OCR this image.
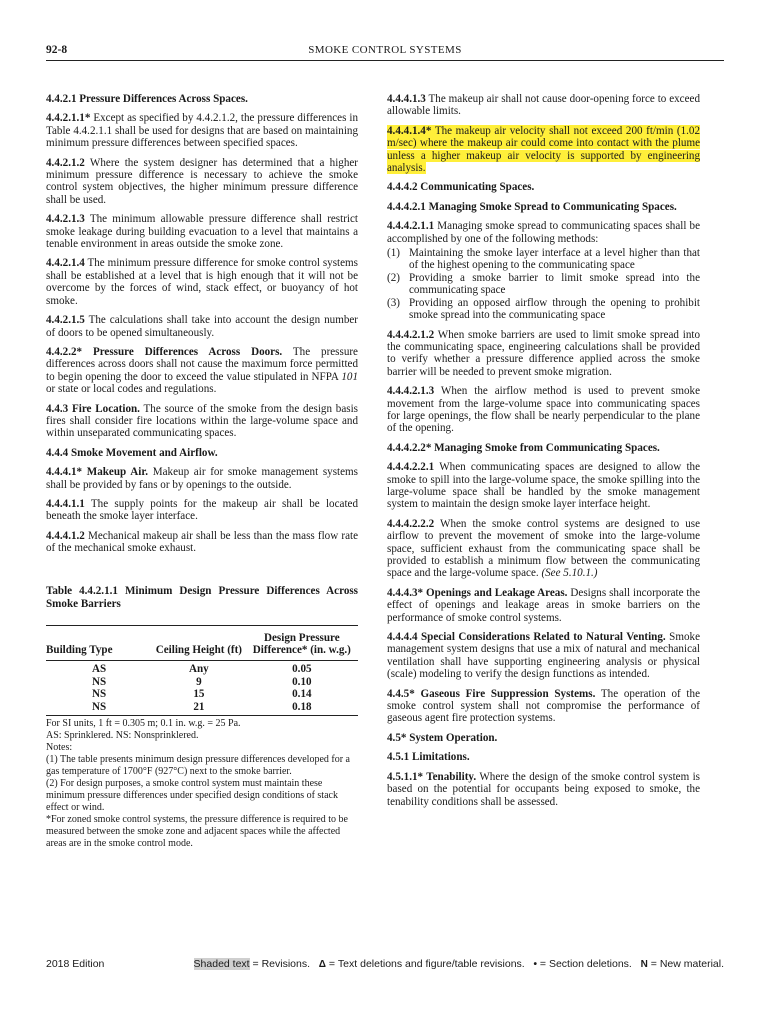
92-8	SMOKE CONTROL SYSTEMS

4.4.2.1 Pressure Differences Across Spaces.

4.4.2.1.1* Except as specified by 4.4.2.1.2, the pressure differences in Table 4.4.2.1.1 shall be used for designs that are based on maintaining minimum pressure differences between specified spaces.

4.4.2.1.2 Where the system designer has determined that a higher minimum pressure difference is necessary to achieve the smoke control system objectives, the higher minimum pressure difference shall be used.

4.4.2.1.3 The minimum allowable pressure difference shall restrict smoke leakage during building evacuation to a level that maintains a tenable environment in areas outside the smoke zone.

4.4.2.1.4 The minimum pressure difference for smoke control systems shall be established at a level that is high enough that it will not be overcome by the forces of wind, stack effect, or buoyancy of hot smoke.

4.4.2.1.5 The calculations shall take into account the design number of doors to be opened simultaneously.

4.4.2.2* Pressure Differences Across Doors. The pressure differences across doors shall not cause the maximum force permitted to begin opening the door to exceed the value stipulated in NFPA 101 or state or local codes and regulations.

4.4.3 Fire Location. The source of the smoke from the design basis fires shall consider fire locations within the large-volume space and within unseparated communicating spaces.

4.4.4 Smoke Movement and Airflow.

4.4.4.1* Makeup Air. Makeup air for smoke management systems shall be provided by fans or by openings to the outside.

4.4.4.1.1 The supply points for the makeup air shall be located beneath the smoke layer interface.

4.4.4.1.2 Mechanical makeup air shall be less than the mass flow rate of the mechanical smoke exhaust.

Table 4.4.2.1.1 Minimum Design Pressure Differences Across Smoke Barriers
Building Type	Ceiling Height (ft)	Design Pressure Difference* (in. w.g.)
AS	Any	0.05
NS	9	0.10
NS	15	0.14
NS	21	0.18
For SI units, 1 ft = 0.305 m; 0.1 in. w.g. = 25 Pa.
AS: Sprinklered. NS: Nonsprinklered.
Notes:
(1) The table presents minimum design pressure differences developed for a gas temperature of 1700°F (927°C) next to the smoke barrier.
(2) For design purposes, a smoke control system must maintain these minimum pressure differences under specified design conditions of stack effect or wind.
*For zoned smoke control systems, the pressure difference is required to be measured between the smoke zone and adjacent spaces while the affected areas are in the smoke control mode.

4.4.4.1.3 The makeup air shall not cause door-opening force to exceed allowable limits.

4.4.4.1.4* The makeup air velocity shall not exceed 200 ft/min (1.02 m/sec) where the makeup air could come into contact with the plume unless a higher makeup air velocity is supported by engineering analysis.

4.4.4.2 Communicating Spaces.

4.4.4.2.1 Managing Smoke Spread to Communicating Spaces.

4.4.4.2.1.1 Managing smoke spread to communicating spaces shall be accomplished by one of the following methods:

(1) Maintaining the smoke layer interface at a level higher than that of the highest opening to the communicating space
(2) Providing a smoke barrier to limit smoke spread into the communicating space
(3) Providing an opposed airflow through the opening to prohibit smoke spread into the communicating space

4.4.4.2.1.2 When smoke barriers are used to limit smoke spread into the communicating space, engineering calculations shall be provided to verify whether a pressure difference applied across the smoke barrier will be needed to prevent smoke migration.

4.4.4.2.1.3 When the airflow method is used to prevent smoke movement from the large-volume space into communicating spaces for large openings, the flow shall be nearly perpendicular to the plane of the opening.

4.4.4.2.2* Managing Smoke from Communicating Spaces.

4.4.4.2.2.1 When communicating spaces are designed to allow the smoke to spill into the large-volume space, the smoke spilling into the large-volume space shall be handled by the smoke management system to maintain the design smoke layer interface height.

4.4.4.2.2.2 When the smoke control systems are designed to use airflow to prevent the movement of smoke into the large-volume space, sufficient exhaust from the communicating space shall be provided to establish a minimum flow between the communicating space and the large-volume space. (See 5.10.1.)

4.4.4.3* Openings and Leakage Areas. Designs shall incorporate the effect of openings and leakage areas in smoke barriers on the performance of smoke control systems.

4.4.4.4 Special Considerations Related to Natural Venting. Smoke management system designs that use a mix of natural and mechanical ventilation shall have supporting engineering analysis or physical (scale) modeling to verify the design functions as intended.

4.4.5* Gaseous Fire Suppression Systems. The operation of the smoke control system shall not compromise the performance of gaseous agent fire protection systems.

4.5* System Operation.

4.5.1 Limitations.

4.5.1.1* Tenability. Where the design of the smoke control system is based on the potential for occupants being exposed to smoke, the tenability conditions shall be assessed.

2018 Edition	Shaded text = Revisions. Δ = Text deletions and figure/table revisions. • = Section deletions. N = New material.
